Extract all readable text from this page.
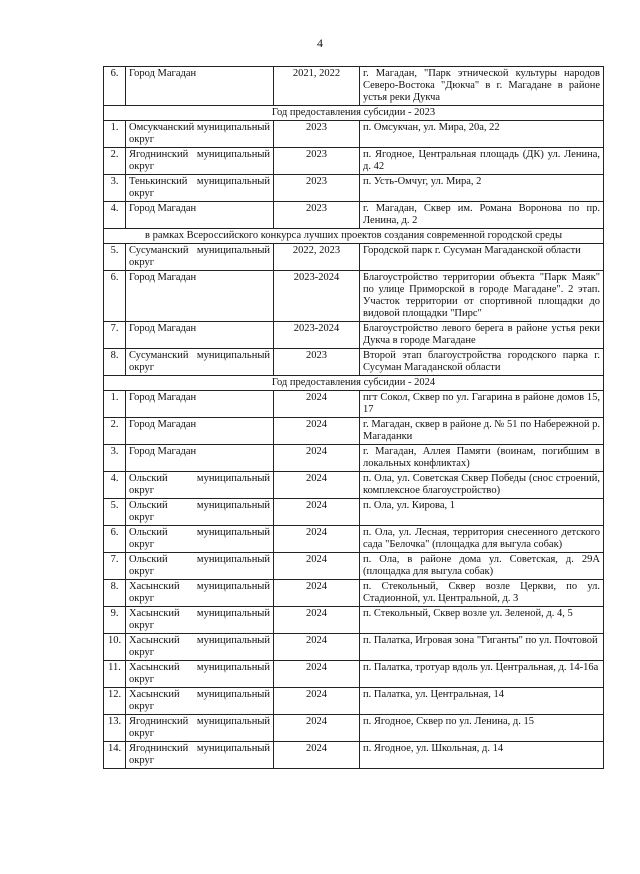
4
6.	Город Магадан	2021, 2022	г. Магадан, "Парк этнической культуры народов Северо-Востока "Дюкча" в г. Магадане в районе устья реки Дукча
Год предоставления субсидии - 2023			
1.	Омсукчанский муниципальный округ	2023	п. Омсукчан, ул. Мира, 20а, 22
2.	Ягоднинский муниципальный округ	2023	п. Ягодное, Центральная площадь (ДК) ул. Ленина, д. 42
3.	Тенькинский муниципальный округ	2023	п. Усть-Омчуг, ул. Мира, 2
4.	Город Магадан	2023	г. Магадан, Сквер им. Романа Воронова по пр. Ленина, д. 2
в рамках Всероссийского конкурса лучших проектов создания современной городской среды			
5.	Сусуманский муниципальный округ	2022, 2023	Городской парк г. Сусуман Магаданской области
6.	Город Магадан	2023-2024	Благоустройство территории объекта "Парк Маяк" по улице Приморской в городе Магадане". 2 этап. Участок территории от спортивной площадки до видовой площадки "Пирс"
7.	Город Магадан	2023-2024	Благоустройство левого берега в районе устья реки Дукча в городе Магадане
8.	Сусуманский муниципальный округ	2023	Второй этап благоустройства городского парка г. Сусуман Магаданской области
Год предоставления субсидии - 2024			
1.	Город Магадан	2024	пгт Сокол, Сквер по ул. Гагарина в районе домов 15, 17
2.	Город Магадан	2024	г. Магадан, сквер в районе д. № 51 по Набережной р. Магаданки
3.	Город Магадан	2024	г. Магадан, Аллея Памяти (воинам, погибшим в локальных конфликтах)
4.	Ольский муниципальный округ	2024	п. Ола, ул. Советская Сквер Победы (снос строений, комплексное благоустройство)
5.	Ольский муниципальный округ	2024	п. Ола, ул. Кирова, 1
6.	Ольский муниципальный округ	2024	п. Ола, ул. Лесная, территория снесенного детского сада "Белочка" (площадка для выгула собак)
7.	Ольский муниципальный округ	2024	п. Ола, в районе дома ул. Советская, д. 29А (площадка для выгула собак)
8.	Хасынский муниципальный округ	2024	п. Стекольный, Сквер возле Церкви, по ул. Стадионной, ул. Центральной, д. 3
9.	Хасынский муниципальный округ	2024	п. Стекольный, Сквер возле ул. Зеленой, д. 4, 5
10.	Хасынский муниципальный округ	2024	п. Палатка, Игровая зона "Гиганты" по ул. Почтовой
11.	Хасынский муниципальный округ	2024	п. Палатка, тротуар вдоль ул. Центральная, д. 14-16а
12.	Хасынский муниципальный округ	2024	п. Палатка, ул. Центральная, 14
13.	Ягоднинский муниципальный округ	2024	п. Ягодное, Сквер по ул. Ленина, д. 15
14.	Ягоднинский муниципальный округ	2024	п. Ягодное, ул. Школьная, д. 14
